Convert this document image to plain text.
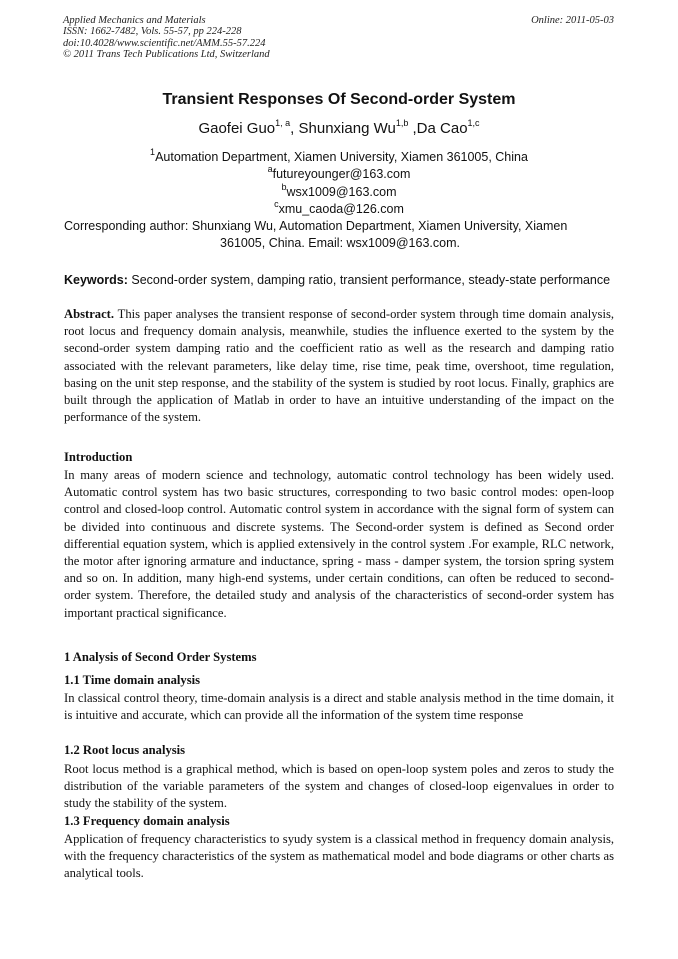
Applied Mechanics and Materials
ISSN: 1662-7482, Vols. 55-57, pp 224-228
doi:10.4028/www.scientific.net/AMM.55-57.224
© 2011 Trans Tech Publications Ltd, Switzerland
Online: 2011-05-03
Transient Responses Of Second-order System
Gaofei Guo$^{1, a}$, Shunxiang Wu$^{1,b}$ ,Da Cao$^{1,c}$
$^1$Automation Department, Xiamen University, Xiamen 361005, China
$^a$futureyounger@163.com
$^b$wsx1009@163.com
$^c$xmu_caoda@126.com
Corresponding author: Shunxiang Wu, Automation Department, Xiamen University, Xiamen
361005, China. Email: wsx1009@163.com.
Keywords: Second-order system, damping ratio, transient performance, steady-state performance

Abstract. This paper analyses the transient response of second-order system through time domain analysis, root locus and frequency domain analysis, meanwhile, studies the influence exerted to the system by the second-order system damping ratio and the coefficient ratio as well as the research and damping ratio associated with the relevant parameters, like delay time, rise time, peak time, overshoot, time regulation, basing on the unit step response, and the stability of the system is studied by root locus. Finally, graphics are built through the application of Matlab in order to have an intuitive understanding of the impact on the performance of the system.

Introduction

In many areas of modern science and technology, automatic control technology has been widely used. Automatic control system has two basic structures, corresponding to two basic control modes: open-loop control and closed-loop control. Automatic control system in accordance with the signal form of system can be divided into continuous and discrete systems. The Second-order system is defined as Second order differential equation system, which is applied extensively in the control system .For example, RLC network, the motor after ignoring armature and inductance, spring - mass - damper system, the torsion spring system and so on. In addition, many high-end systems, under certain conditions, can often be reduced to second-order system. Therefore, the detailed study and analysis of the characteristics of second-order system has important practical significance.

1 Analysis of Second Order Systems
1.1 Time domain analysis

In classical control theory, time-domain analysis is a direct and stable analysis method in the time domain, it is intuitive and accurate, which can provide all the information of the system time response

1.2 Root locus analysis

Root locus method is a graphical method, which is based on open-loop system poles and zeros to study the distribution of the variable parameters of the system and changes of closed-loop eigenvalues in order to study the stability of the system.

1.3 Frequency domain analysis

Application of frequency characteristics to syudy system is a classical method in frequency domain analysis, with the frequency characteristics of the system as mathematical model and bode diagrams or other charts as analytical tools.
